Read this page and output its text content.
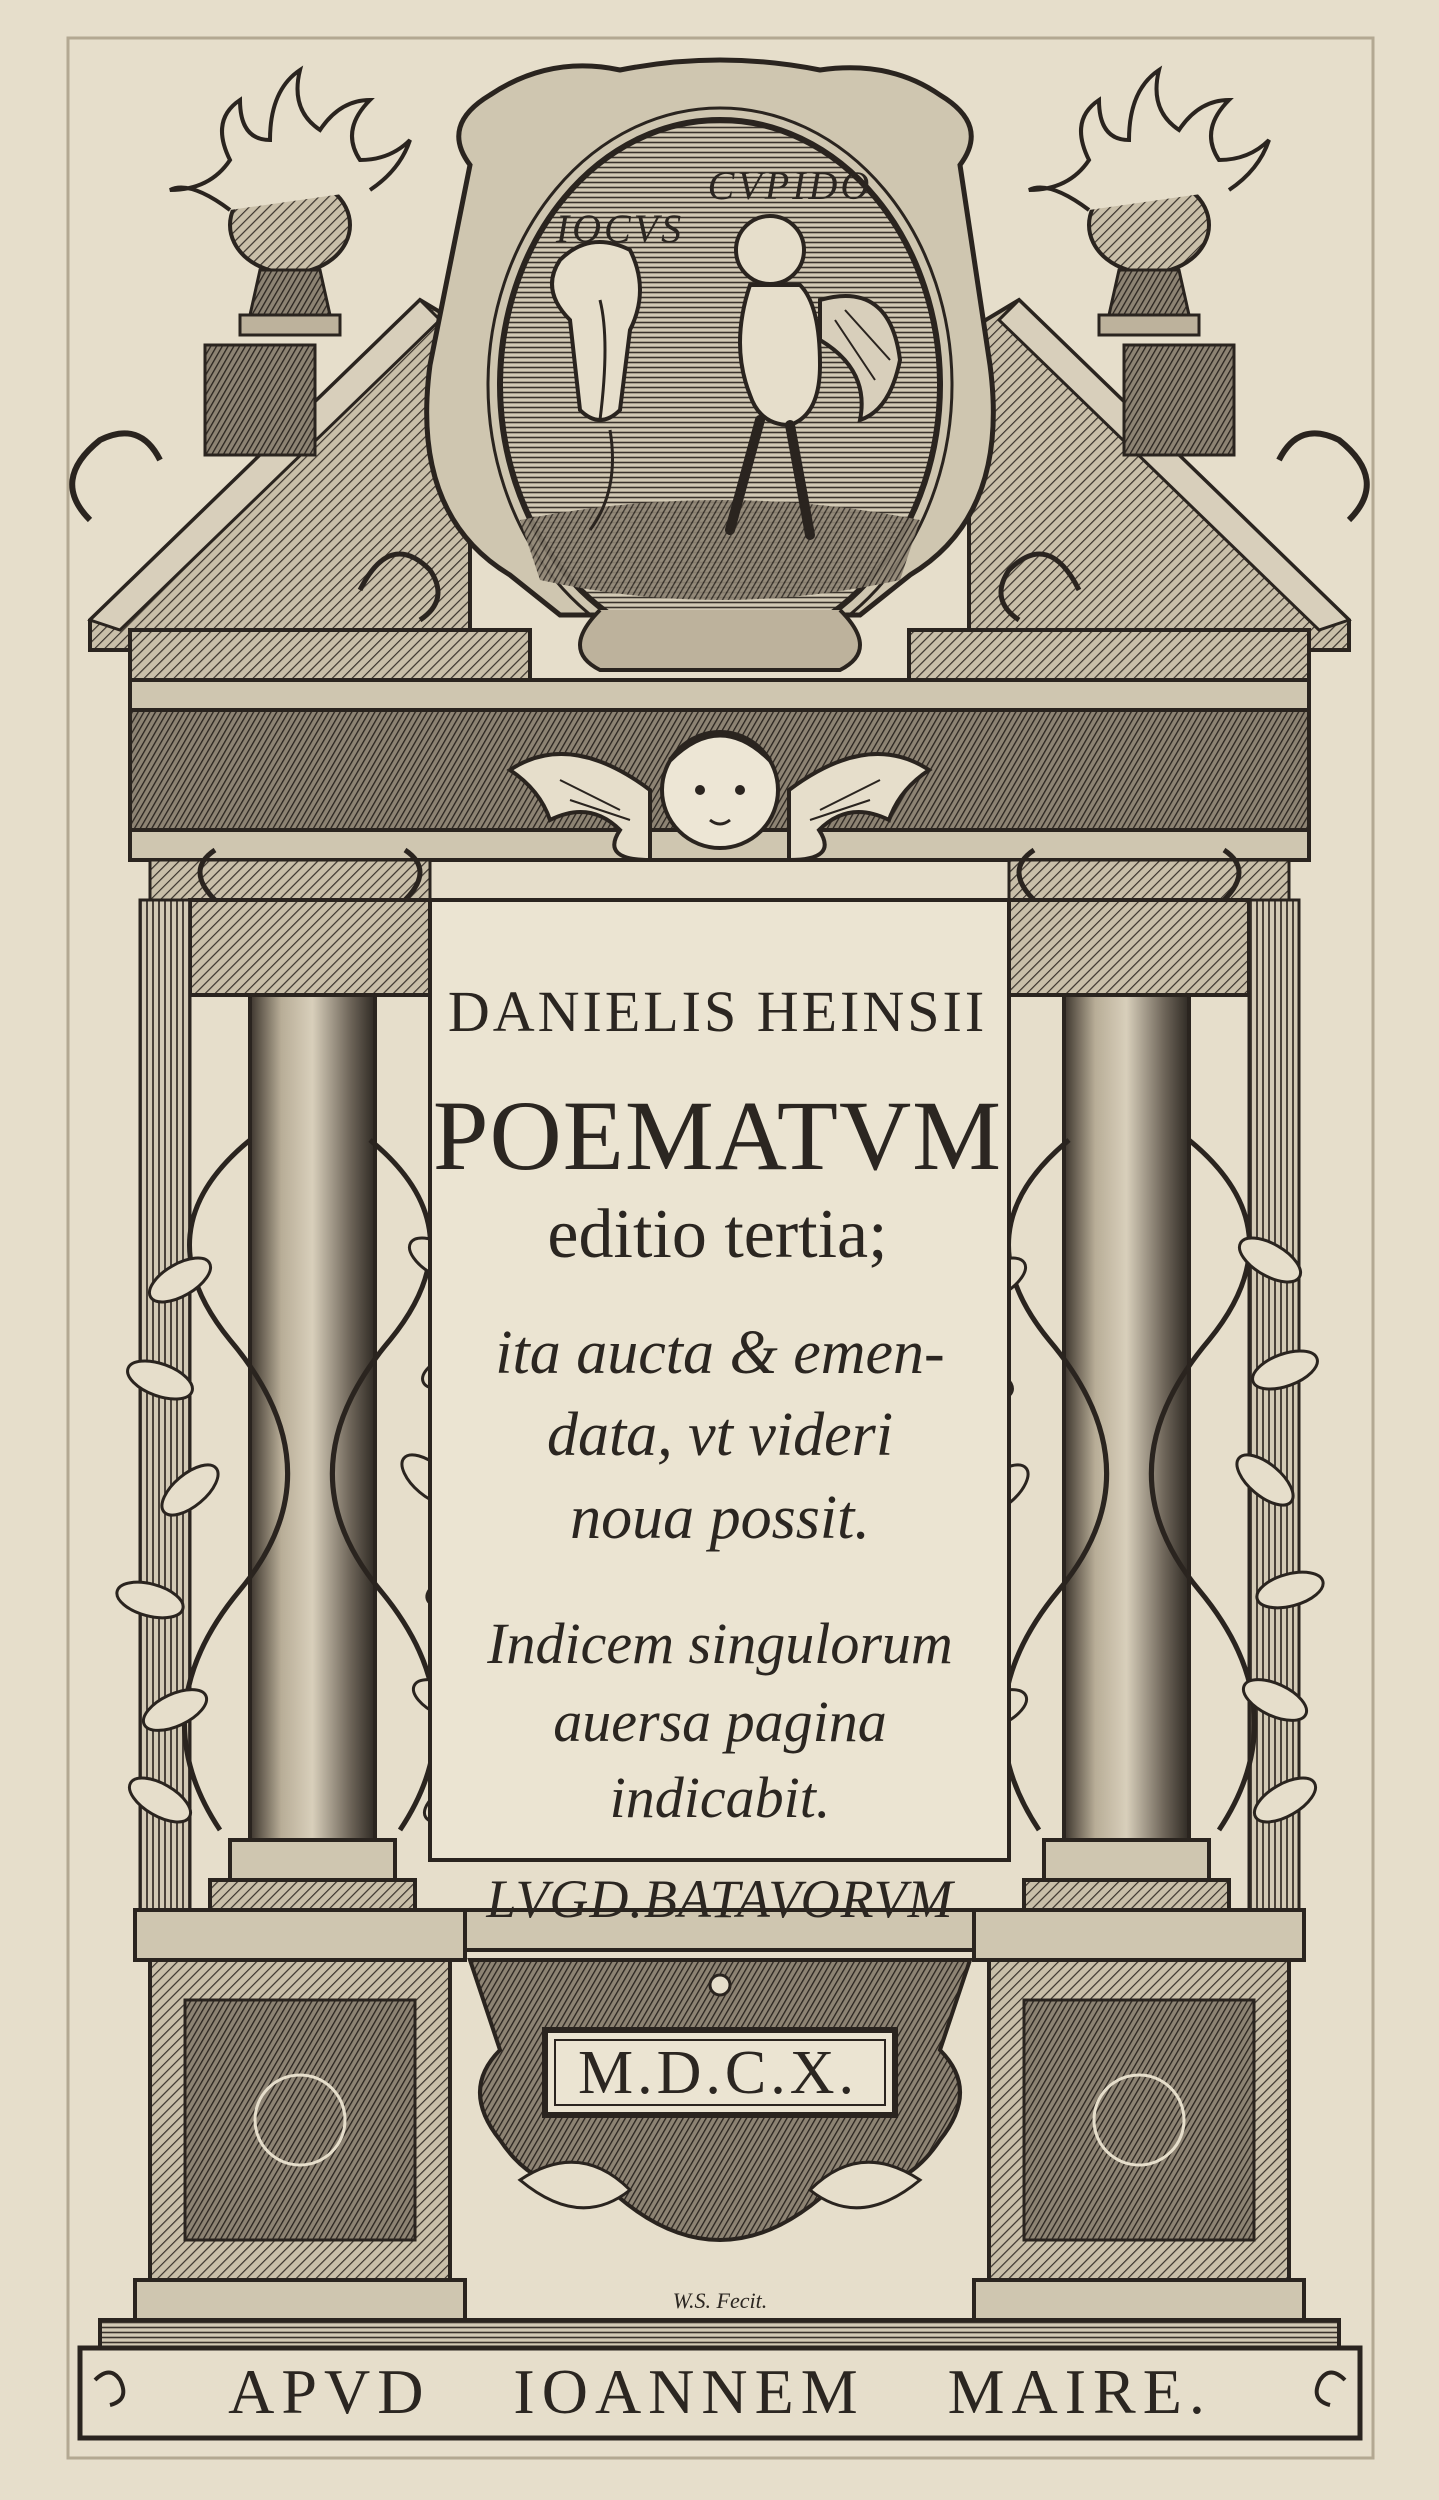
IOCVS
CVPIDO
DANIELIS HEINSII
POEMATVM
editio tertia;
ita aucta & emen-
data, vt videri
noua possit.
Indicem singulorum
auersa pagina
indicabit.
LVGD.BATAVORVM
M.D.C.X.
W.S. Fecit.
APVD IOANNEM MAIRE.
